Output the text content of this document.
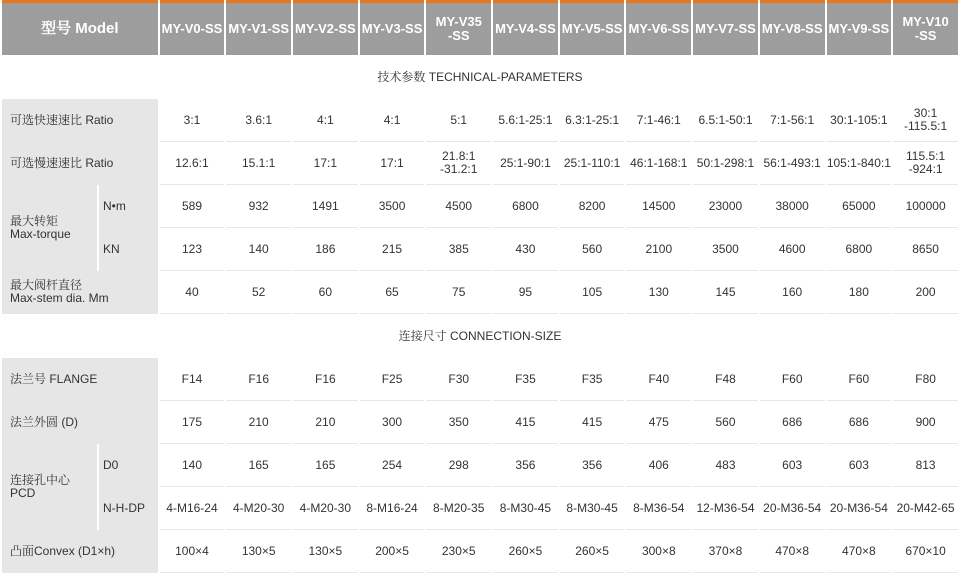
型号 Model		MY-V0-SS	MY-V1-SS	MY-V2-SS	MY-V3-SS	MY-V35
-SS	MY-V4-SS	MY-V5-SS	MY-V6-SS	MY-V7-SS	MY-V8-SS	MY-V9-SS	MY-V10
-SS
技术参数 TECHNICAL-PARAMETERS													
可选快速速比 Ratio		3:1	3.6:1	4:1	4:1	5:1	5.6:1-25:1	6.3:1-25:1	7:1-46:1	6.5:1-50:1	7:1-56:1	30:1-105:1	30:1
-115.5:1
可选慢速速比 Ratio		12.6:1	15.1:1	17:1	17:1	21.8:1
-31.2:1	25:1-90:1	25:1-110:1	46:1-168:1	50:1-298:1	56:1-493:1	105:1-840:1	115.5:1
-924:1
最大转矩
Max-torque	N•m	589	932	1491	3500	4500	6800	8200	14500	23000	38000	65000	100000
	KN	123	140	186	215	385	430	560	2100	3500	4600	6800	8650
最大阀杆直径
Max-stem dia. Mm		40	52	60	65	75	95	105	130	145	160	180	200
连接尺寸 CONNECTION-SIZE													
法兰号 FLANGE		F14	F16	F16	F25	F30	F35	F35	F40	F48	F60	F60	F80
法兰外圆 (D)		175	210	210	300	350	415	415	475	560	686	686	900
连接孔中心
PCD	D0	140	165	165	254	298	356	356	406	483	603	603	813
	N-H-DP	4-M16-24	4-M20-30	4-M20-30	8-M16-24	8-M20-35	8-M30-45	8-M30-45	8-M36-54	12-M36-54	20-M36-54	20-M36-54	20-M42-65
凸面Convex (D1×h)		100×4	130×5	130×5	200×5	230×5	260×5	260×5	300×8	370×8	470×8	470×8	670×10
